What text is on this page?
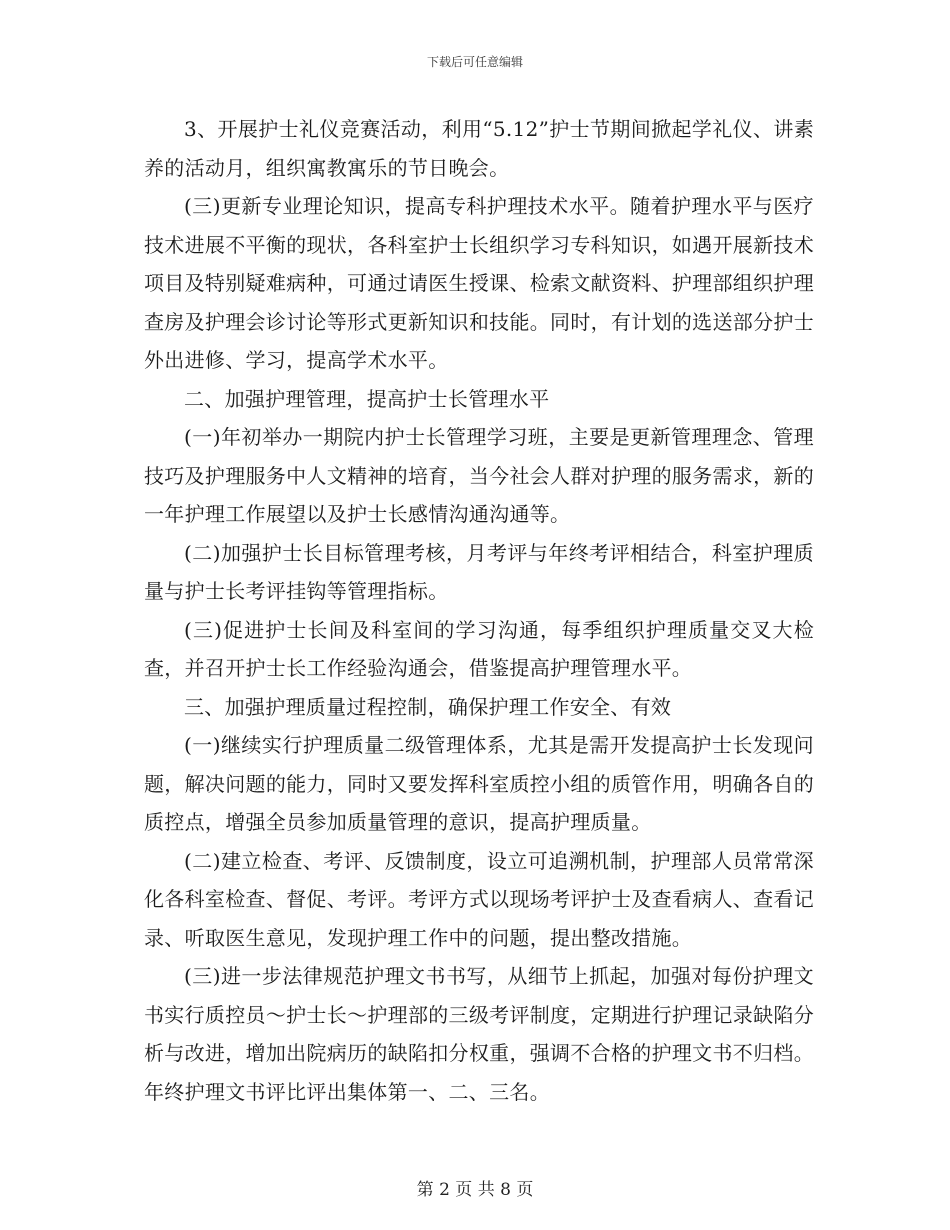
下载后可任意编辑

3、开展护士礼仪竞赛活动，利用“5.12”护士节期间掀起学礼仪、讲素养的活动月，组织寓教寓乐的节日晚会。

(三)更新专业理论知识，提高专科护理技术水平。随着护理水平与医疗技术进展不平衡的现状，各科室护士长组织学习专科知识，如遇开展新技术项目及特别疑难病种，可通过请医生授课、检索文献资料、护理部组织护理查房及护理会诊讨论等形式更新知识和技能。同时，有计划的选送部分护士外出进修、学习，提高学术水平。

二、加强护理管理，提高护士长管理水平

(一)年初举办一期院内护士长管理学习班，主要是更新管理理念、管理技巧及护理服务中人文精神的培育，当今社会人群对护理的服务需求，新的一年护理工作展望以及护士长感情沟通沟通等。

(二)加强护士长目标管理考核，月考评与年终考评相结合，科室护理质量与护士长考评挂钩等管理指标。

(三)促进护士长间及科室间的学习沟通，每季组织护理质量交叉大检查，并召开护士长工作经验沟通会，借鉴提高护理管理水平。

三、加强护理质量过程控制，确保护理工作安全、有效

(一)继续实行护理质量二级管理体系，尤其是需开发提高护士长发现问题，解决问题的能力，同时又要发挥科室质控小组的质管作用，明确各自的质控点，增强全员参加质量管理的意识，提高护理质量。

(二)建立检查、考评、反馈制度，设立可追溯机制，护理部人员常常深化各科室检查、督促、考评。考评方式以现场考评护士及查看病人、查看记录、听取医生意见，发现护理工作中的问题，提出整改措施。

(三)进一步法律规范护理文书书写，从细节上抓起，加强对每份护理文书实行质控员～护士长～护理部的三级考评制度，定期进行护理记录缺陷分析与改进，增加出院病历的缺陷扣分权重，强调不合格的护理文书不归档。年终护理文书评比评出集体第一、二、三名。

第 2 页 共 8 页
